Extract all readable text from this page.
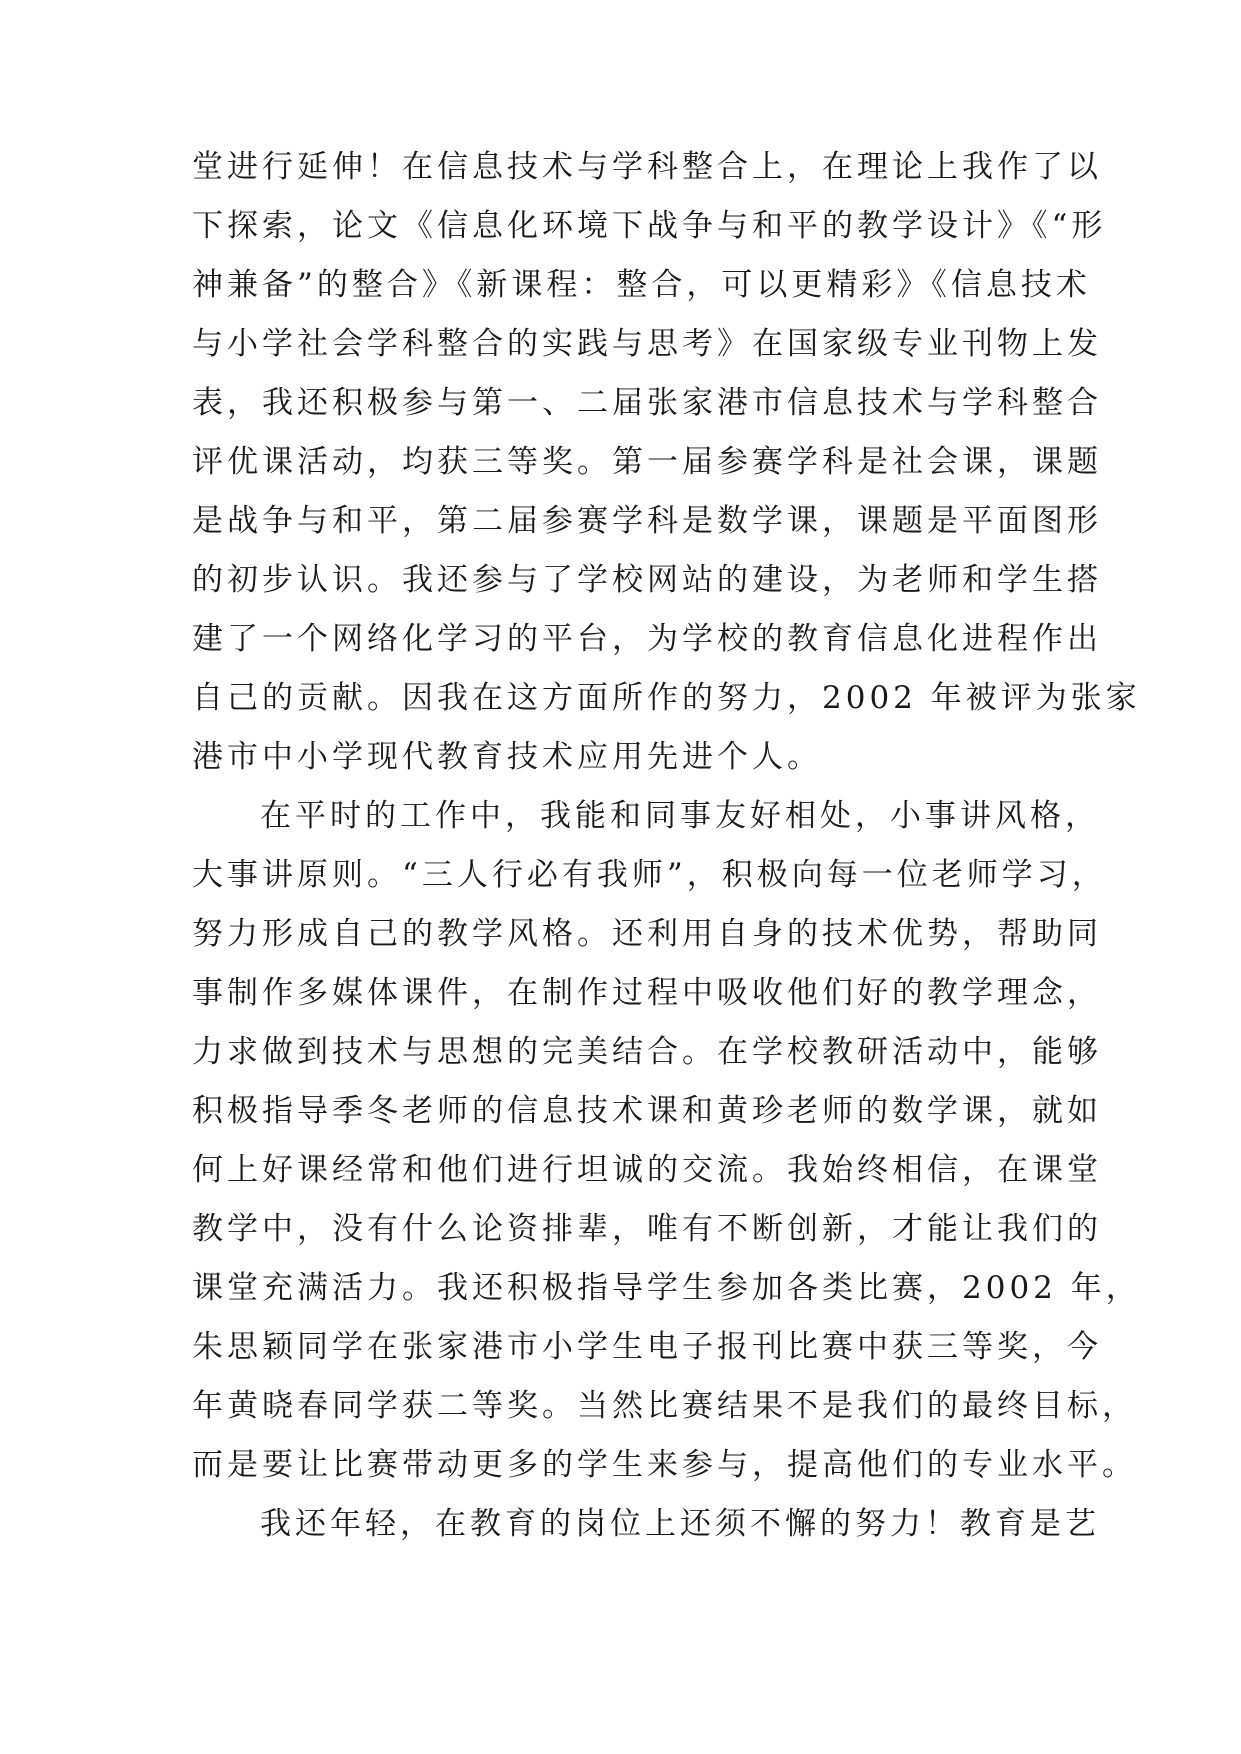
堂进行延伸！在信息技术与学科整合上，在理论上我作了以
下探索，论文《信息化环境下战争与和平的教学设计》《“形
神兼备”的整合》《新课程：整合，可以更精彩》《信息技术
与小学社会学科整合的实践与思考》在国家级专业刊物上发
表，我还积极参与第一、二届张家港市信息技术与学科整合
评优课活动，均获三等奖。第一届参赛学科是社会课，课题
是战争与和平，第二届参赛学科是数学课，课题是平面图形
的初步认识。我还参与了学校网站的建设，为老师和学生搭
建了一个网络化学习的平台，为学校的教育信息化进程作出
自己的贡献。因我在这方面所作的努力，2002 年被评为张家
港市中小学现代教育技术应用先进个人。
在平时的工作中，我能和同事友好相处，小事讲风格，
大事讲原则。“三人行必有我师”，积极向每一位老师学习，
努力形成自己的教学风格。还利用自身的技术优势，帮助同
事制作多媒体课件，在制作过程中吸收他们好的教学理念，
力求做到技术与思想的完美结合。在学校教研活动中，能够
积极指导季冬老师的信息技术课和黄珍老师的数学课，就如
何上好课经常和他们进行坦诚的交流。我始终相信，在课堂
教学中，没有什么论资排辈，唯有不断创新，才能让我们的
课堂充满活力。我还积极指导学生参加各类比赛，2002 年，
朱思颖同学在张家港市小学生电子报刊比赛中获三等奖，今
年黄晓春同学获二等奖。当然比赛结果不是我们的最终目标，
而是要让比赛带动更多的学生来参与，提高他们的专业水平。
我还年轻，在教育的岗位上还须不懈的努力！教育是艺
